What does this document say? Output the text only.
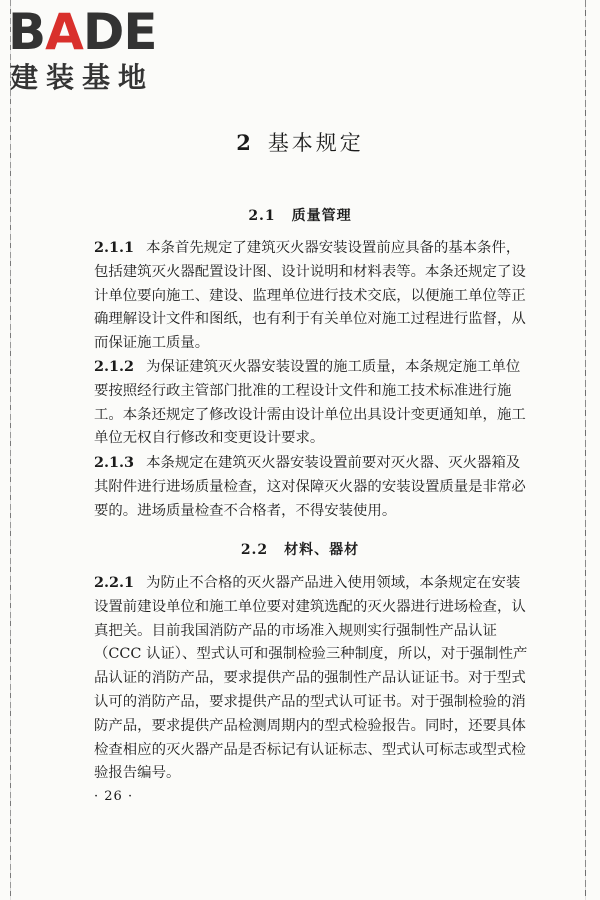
BADE
建装基地
2 基本规定
2.1 质量管理
2.1.1 本条首先规定了建筑灭火器安装设置前应具备的基本条件，包括建筑灭火器配置设计图、设计说明和材料表等。本条还规定了设计单位要向施工、建设、监理单位进行技术交底，以便施工单位等正确理解设计文件和图纸，也有利于有关单位对施工过程进行监督，从而保证施工质量。
2.1.2 为保证建筑灭火器安装设置的施工质量，本条规定施工单位要按照经行政主管部门批准的工程设计文件和施工技术标准进行施工。本条还规定了修改设计需由设计单位出具设计变更通知单，施工单位无权自行修改和变更设计要求。
2.1.3 本条规定在建筑灭火器安装设置前要对灭火器、灭火器箱及其附件进行进场质量检查，这对保障灭火器的安装设置质量是非常必要的。进场质量检查不合格者，不得安装使用。
2.2 材料、器材
2.2.1 为防止不合格的灭火器产品进入使用领域，本条规定在安装设置前建设单位和施工单位要对建筑选配的灭火器进行进场检查，认真把关。目前我国消防产品的市场准入规则实行强制性产品认证（CCC 认证）、型式认可和强制检验三种制度，所以，对于强制性产品认证的消防产品，要求提供产品的强制性产品认证证书。对于型式认可的消防产品，要求提供产品的型式认可证书。对于强制检验的消防产品，要求提供产品检测周期内的型式检验报告。同时，还要具体检查相应的灭火器产品是否标记有认证标志、型式认可标志或型式检验报告编号。
· 26 ·
